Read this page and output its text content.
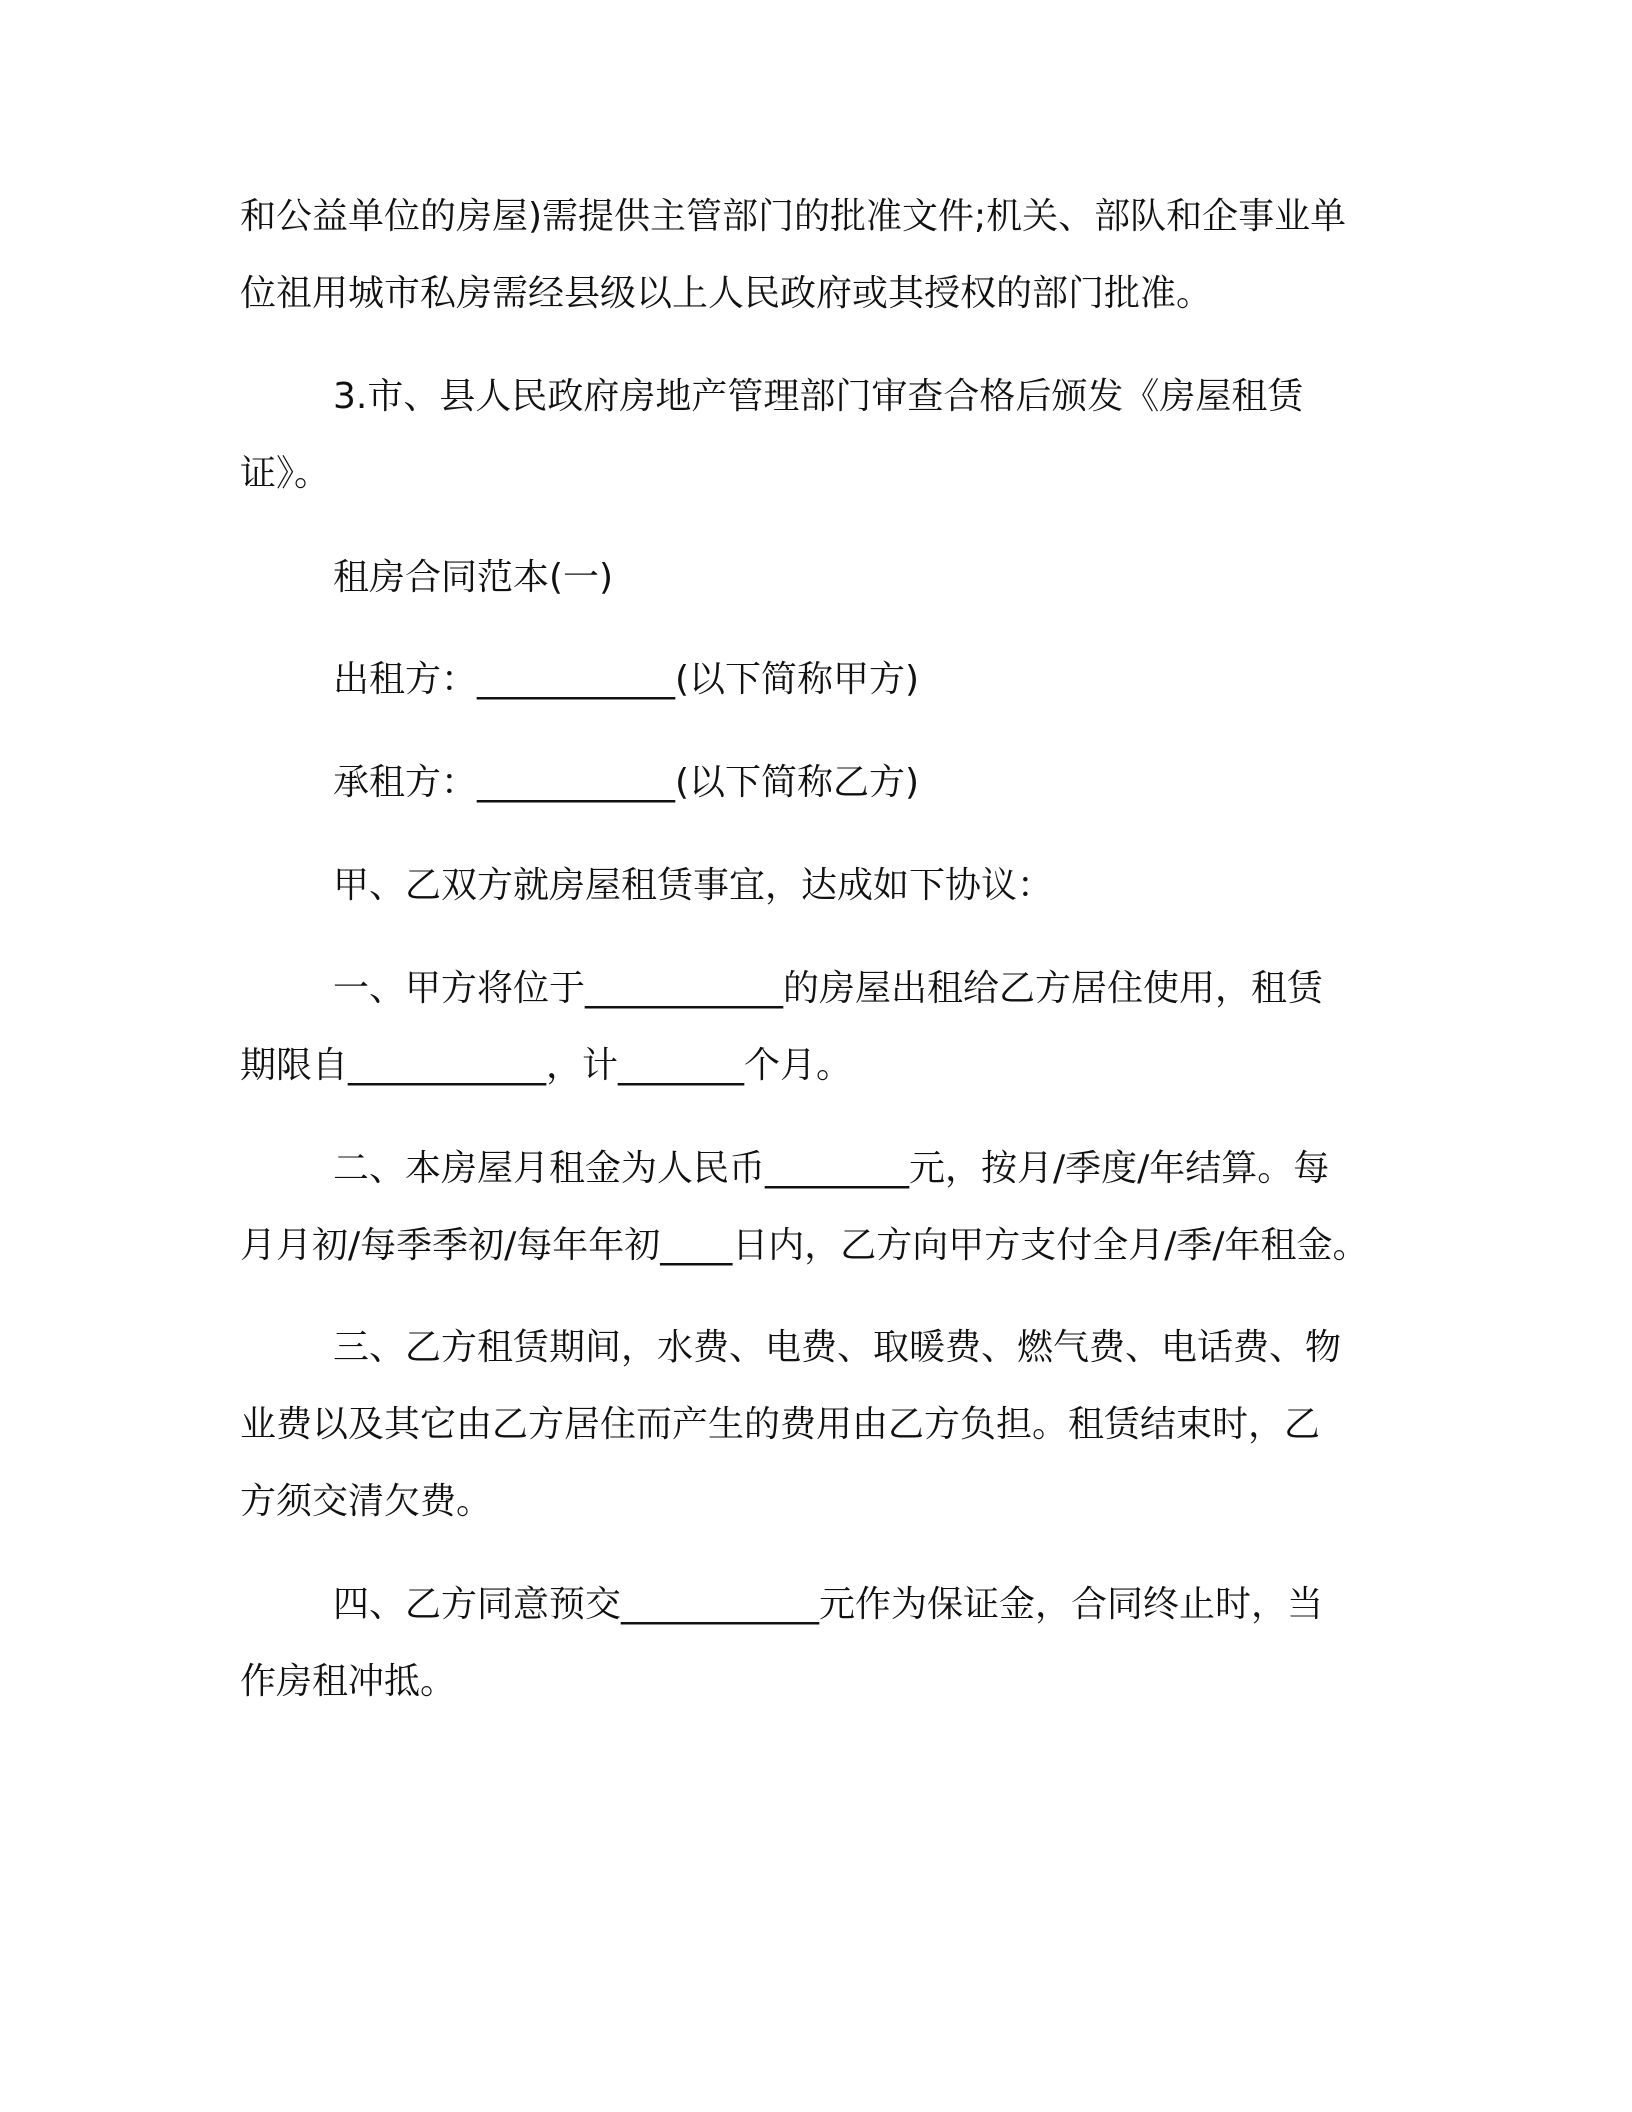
和公益单位的房屋)需提供主管部门的批准文件;机关、部队和企事业单
位祖用城市私房需经县级以上人民政府或其授权的部门批准。
3.市、县人民政府房地产管理部门审查合格后颁发《房屋租赁
证》。
租房合同范本(一)
出租方：___________(以下简称甲方)
承租方：___________(以下简称乙方)
甲、乙双方就房屋租赁事宜，达成如下协议：
一、甲方将位于___________的房屋出租给乙方居住使用，租赁
期限自___________，计_______个月。
二、本房屋月租金为人民币________元，按月/季度/年结算。每
月月初/每季季初/每年年初____日内，乙方向甲方支付全月/季/年租金。
三、乙方租赁期间，水费、电费、取暖费、燃气费、电话费、物
业费以及其它由乙方居住而产生的费用由乙方负担。租赁结束时，乙
方须交清欠费。
四、乙方同意预交___________元作为保证金，合同终止时，当
作房租冲抵。
